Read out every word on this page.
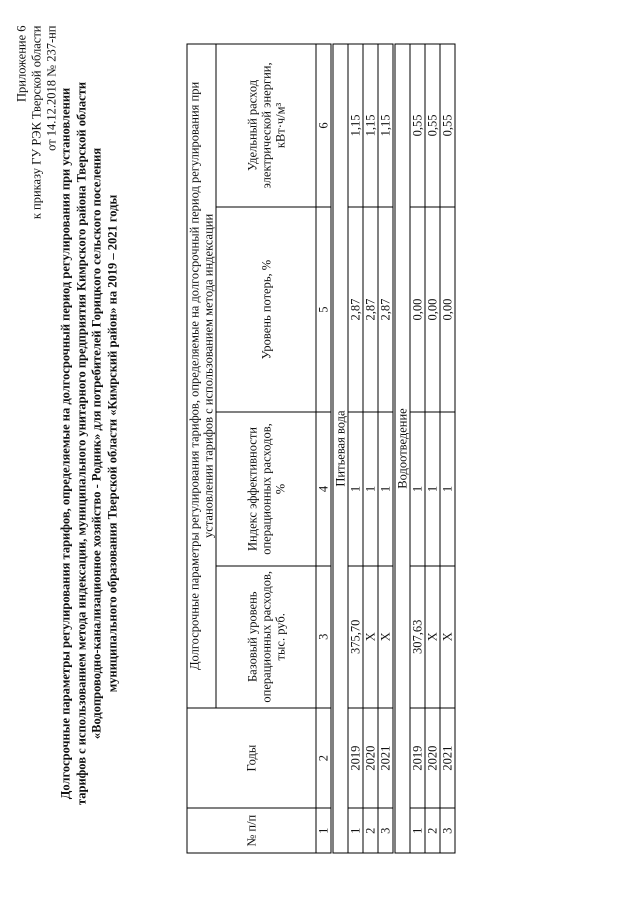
Приложение 6 к приказу ГУ РЭК Тверской области от 14.12.2018 № 237-нп Долгосрочные параметры регулирования тарифов, определяемые на долгосрочный период регулирования при установлении тарифов с использованием метода индексации, муниципального унитарного предприятия Кимрского района Тверской области «Водопроводно-канализационное хозяйство - Родник» для потребителей Горицкого сельского поселения муниципального образования Тверской области «Кимрский район» на 2019 – 2021 годы
№ п/п	Годы	Долгосрочные параметры регулирования тарифов, определяемые на долгосрочный период регулирования при установлении тарифов с использованием метода индексации			
		Базовый уровень операционных расходов, тыс. руб.	Индекс эффективности операционных расходов, %	Уровень потерь, %	Удельный расход электрической энергии, кВт·ч/м³
1	2	3	4	5	6
Питьевая вода					
1	2019	375,70	1	2,87	1,15
2	2020	Х	1	2,87	1,15
3	2021	Х	1	2,87	1,15
Водоотведение					
1	2019	307,63	1	0,00	0,55
2	2020	Х	1	0,00	0,55
3	2021	Х	1	0,00	0,55
